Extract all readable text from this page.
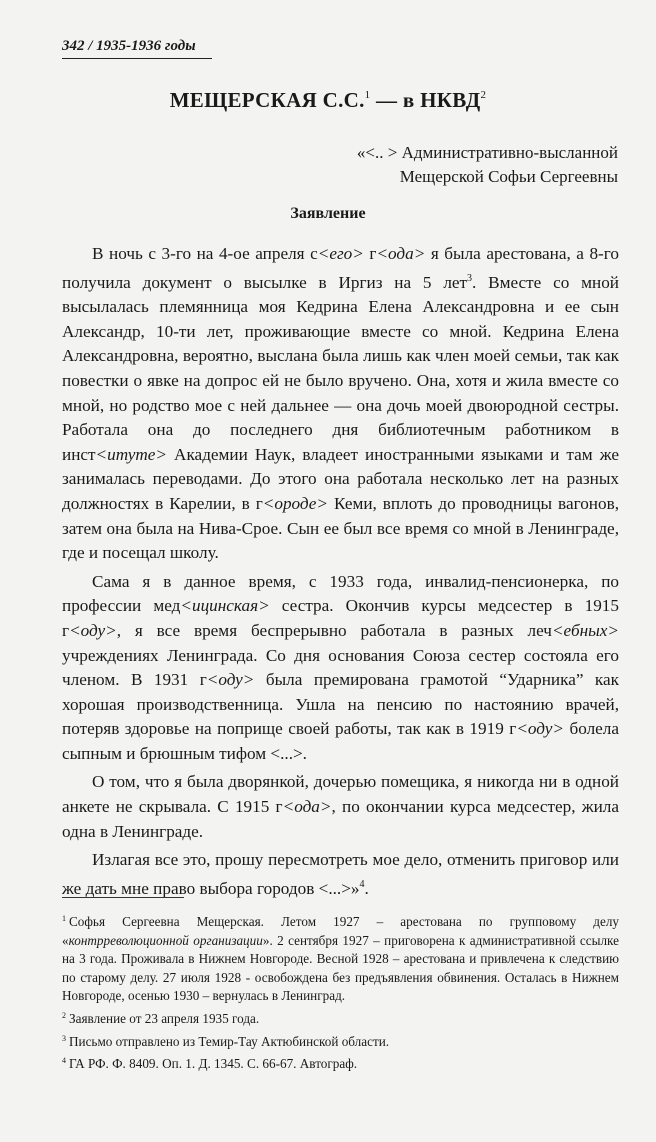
342 / 1935-1936 годы
МЕЩЕРСКАЯ С.С.$^1$ — в НКВД$^2$
«<.. > Административно-высланной
Мещерской Софьи Сергеевны
Заявление

В ночь с 3-го на 4-ое апреля с<его> г<ода> я была арестована, а 8-го получила документ о высылке в Иргиз на 5 лет$^3$. Вместе со мной высылалась племянница моя Кедрина Елена Александровна и ее сын Александр, 10-ти лет, проживающие вместе со мной. Кедрина Елена Александровна, вероятно, выслана была лишь как член моей семьи, так как повестки о явке на допрос ей не было вручено. Она, хотя и жила вместе со мной, но родство мое с ней дальнее — она дочь моей двоюродной сестры. Работала она до последнего дня библиотечным работником в инст<итуте> Академии Наук, владеет иностранными языками и там же занималась переводами. До этого она работала несколько лет на разных должностях в Карелии, в г<ороде> Кеми, вплоть до проводницы вагонов, затем она была на Нива-Срое. Сын ее был все время со мной в Ленинграде, где и посещал школу.

Сама я в данное время, с 1933 года, инвалид-пенсионерка, по профессии мед<ицинская> сестра. Окончив курсы медсестер в 1915 г<оду>, я все время беспрерывно работала в разных леч<ебных> учреждениях Ленинграда. Со дня основания Союза сестер состояла его членом. В 1931 г<оду> была премирована грамотой “Ударника” как хорошая производственница. Ушла на пенсию по настоянию врачей, потеряв здоровье на поприще своей работы, так как в 1919 г<оду> болела сыпным и брюшным тифом <...>.

О том, что я была дворянкой, дочерью помещика, я никогда ни в одной анкете не скрывала. С 1915 г<ода>, по окончании курса медсестер, жила одна в Ленинграде.

Излагая все это, прошу пересмотреть мое дело, отменить приговор или же дать мне право выбора городов <...>»$^4$.

$^1$ Софья Сергеевна Мещерская. Летом 1927 – арестована по групповому делу «контрреволюционной организации». 2 сентября 1927 – приговорена к административной ссылке на 3 года. Проживала в Нижнем Новгороде. Весной 1928 – арестована и привлечена к следствию по старому делу. 27 июля 1928 - освобождена без предъявления обвинения. Осталась в Нижнем Новгороде, осенью 1930 – вернулась в Ленинград.
$^2$ Заявление от 23 апреля 1935 года.
$^3$ Письмо отправлено из Темир-Тау Актюбинской области.
$^4$ ГА РФ. Ф. 8409. Оп. 1. Д. 1345. С. 66-67. Автограф.
